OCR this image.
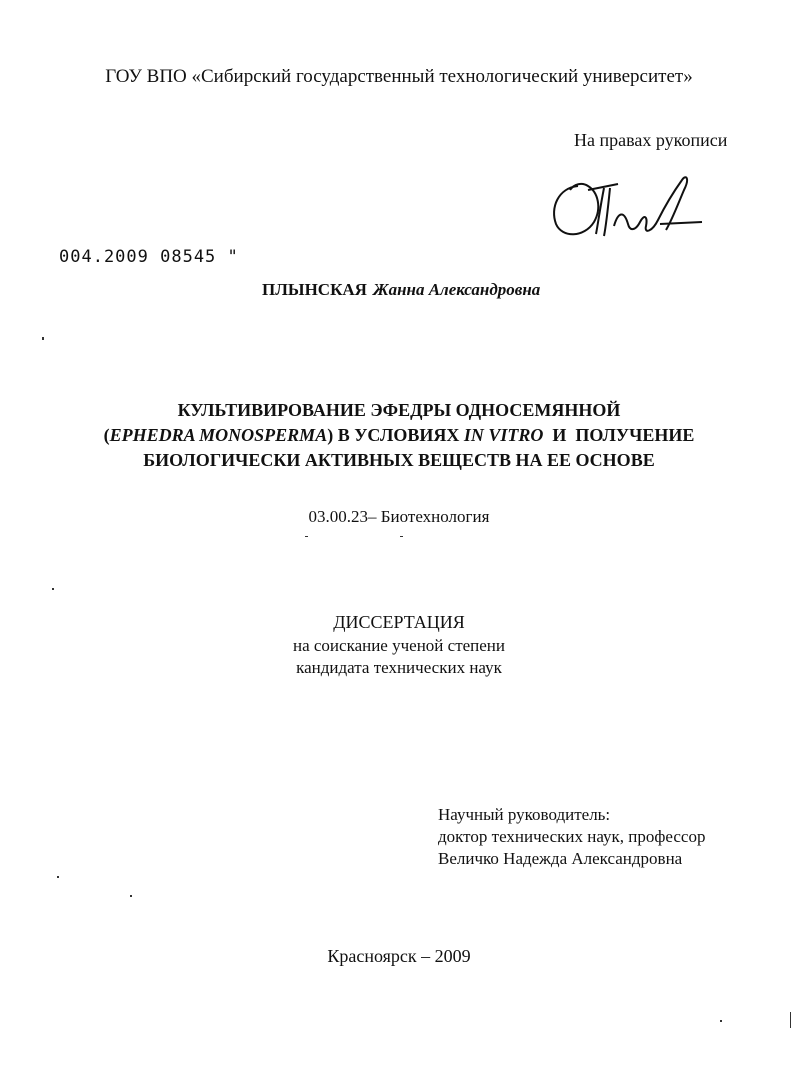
ГОУ ВПО «Сибирский государственный технологический университет»
На правах рукописи
004.2009 08545 "
ПЛЫНСКАЯ Жанна Александровна
КУЛЬТИВИРОВАНИЕ ЭФЕДРЫ ОДНОСЕМЯННОЙ
(EPHEDRA MONOSPERMA) В УСЛОВИЯХ IN VITRO  И  ПОЛУЧЕНИЕ
БИОЛОГИЧЕСКИ АКТИВНЫХ ВЕЩЕСТВ НА ЕЕ ОСНОВЕ
03.00.23– Биотехнология
ДИССЕРТАЦИЯ
на соискание ученой степени
кандидата технических наук
Научный руководитель:
доктор технических наук, профессор
Величко Надежда Александровна
Красноярск – 2009
